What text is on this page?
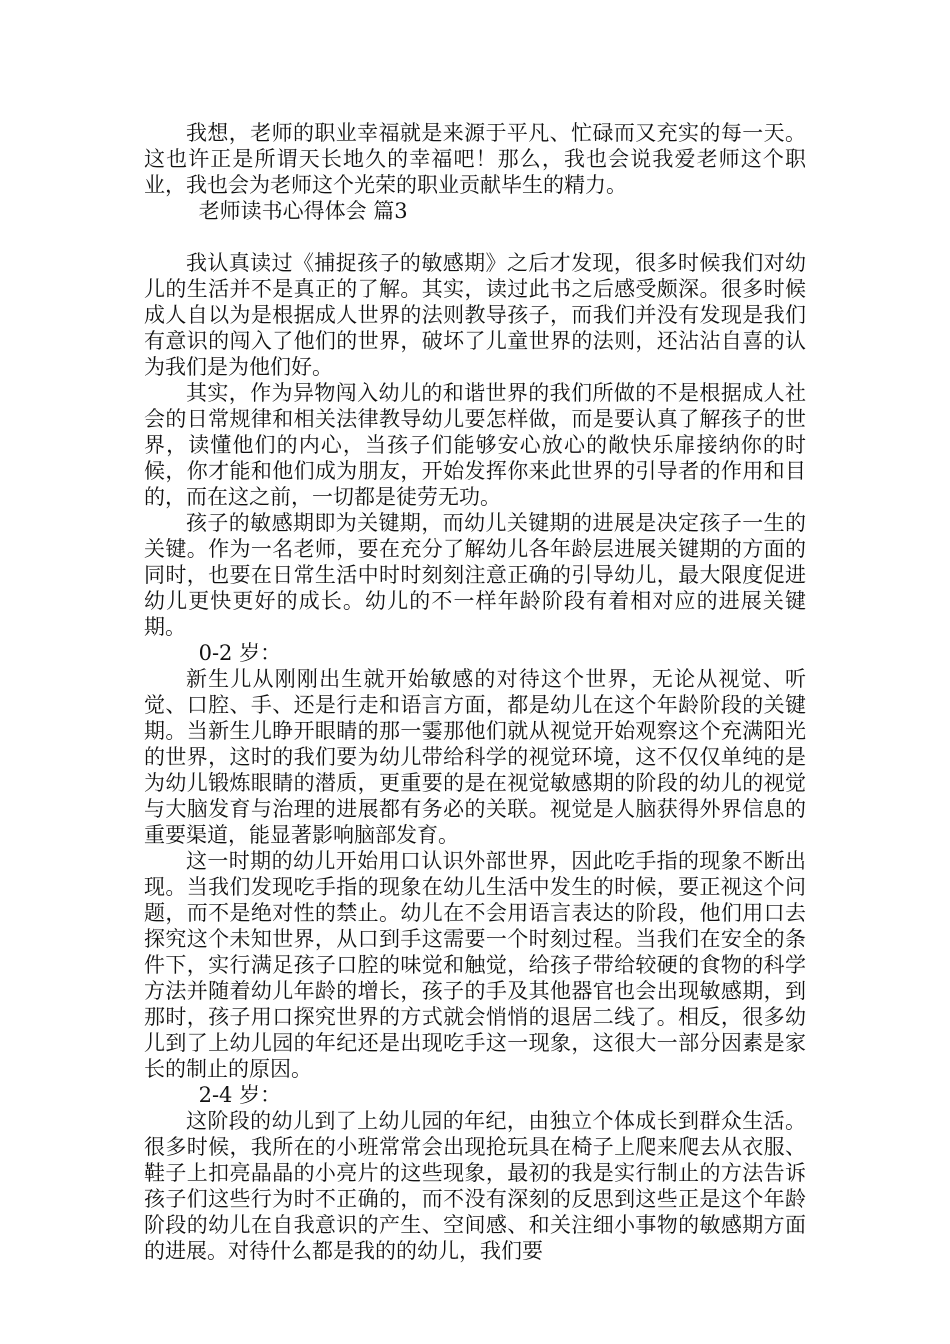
我想，老师的职业幸福就是来源于平凡、忙碌而又充实的每一天。这也许正是所谓天长地久的幸福吧！那么，我也会说我爱老师这个职业，我也会为老师这个光荣的职业贡献毕生的精力。

老师读书心得体会 篇3

我认真读过《捕捉孩子的敏感期》之后才发现，很多时候我们对幼儿的生活并不是真正的了解。其实，读过此书之后感受颇深。很多时候成人自以为是根据成人世界的法则教导孩子，而我们并没有发现是我们有意识的闯入了他们的世界，破坏了儿童世界的法则，还沾沾自喜的认为我们是为他们好。

其实，作为异物闯入幼儿的和谐世界的我们所做的不是根据成人社会的日常规律和相关法律教导幼儿要怎样做，而是要认真了解孩子的世界，读懂他们的内心，当孩子们能够安心放心的敞快乐扉接纳你的时候，你才能和他们成为朋友，开始发挥你来此世界的引导者的作用和目的，而在这之前，一切都是徒劳无功。

孩子的敏感期即为关键期，而幼儿关键期的进展是决定孩子一生的关键。作为一名老师，要在充分了解幼儿各年龄层进展关键期的方面的同时，也要在日常生活中时时刻刻注意正确的引导幼儿，最大限度促进幼儿更快更好的成长。幼儿的不一样年龄阶段有着相对应的进展关键期。

0-2 岁：

新生儿从刚刚出生就开始敏感的对待这个世界，无论从视觉、听觉、口腔、手、还是行走和语言方面，都是幼儿在这个年龄阶段的关键期。当新生儿睁开眼睛的那一霎那他们就从视觉开始观察这个充满阳光的世界，这时的我们要为幼儿带给科学的视觉环境，这不仅仅单纯的是为幼儿锻炼眼睛的潜质，更重要的是在视觉敏感期的阶段的幼儿的视觉与大脑发育与治理的进展都有务必的关联。视觉是人脑获得外界信息的重要渠道，能显著影响脑部发育。

这一时期的幼儿开始用口认识外部世界，因此吃手指的现象不断出现。当我们发现吃手指的现象在幼儿生活中发生的时候，要正视这个问题，而不是绝对性的禁止。幼儿在不会用语言表达的阶段，他们用口去探究这个未知世界，从口到手这需要一个时刻过程。当我们在安全的条件下，实行满足孩子口腔的味觉和触觉，给孩子带给较硬的食物的科学方法并随着幼儿年龄的增长，孩子的手及其他器官也会出现敏感期，到那时，孩子用口探究世界的方式就会悄悄的退居二线了。相反，很多幼儿到了上幼儿园的年纪还是出现吃手这一现象，这很大一部分因素是家长的制止的原因。

2-4 岁：

这阶段的幼儿到了上幼儿园的年纪，由独立个体成长到群众生活。很多时候，我所在的小班常常会出现抢玩具在椅子上爬来爬去从衣服、鞋子上扣亮晶晶的小亮片的这些现象，最初的我是实行制止的方法告诉孩子们这些行为时不正确的，而不没有深刻的反思到这些正是这个年龄阶段的幼儿在自我意识的产生、空间感、和关注细小事物的敏感期方面的进展。对待什么都是我的的幼儿，我们要
